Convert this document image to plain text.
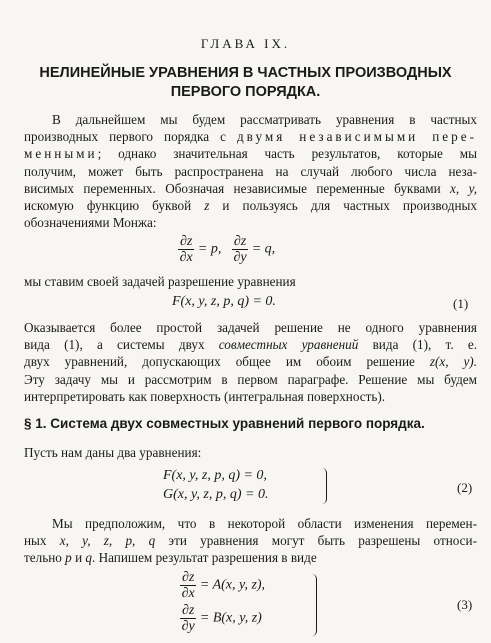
ГЛАВА IX.
НЕЛИНЕЙНЫЕ УРАВНЕНИЯ В ЧАСТНЫХ ПРОИЗВОДНЫХ
ПЕРВОГО ПОРЯДКА.
В дальнейшем мы будем рассматривать уравнения в частных
производных первого порядка с двумя независимыми пере-
менными; однако значительная часть результатов, которые мы
получим, может быть распространена на случай любого числа неза-
висимых переменных. Обозначая независимые переменные буквами x, y,
искомую функцию буквой z и пользуясь для частных производных
обозначениями Монжа:
$\frac{\partial z}{\partial x} = p$, $\frac{\partial z}{\partial y} = q$,
мы ставим своей задачей разрешение уравнения
F(x, y, z, p, q) = 0.	(1)
Оказывается более простой задачей решение не одного уравнения
вида (1), а системы двух совместных уравнений вида (1), т. е.
двух уравнений, допускающих общее им обоим решение z(x, y).
Эту задачу мы и рассмотрим в первом параграфе. Решение мы будем
интерпретировать как поверхность (интегральная поверхность).
§ 1. Система двух совместных уравнений первого порядка.
Пусть нам даны два уравнения:
F(x, y, z, p, q) = 0,
G(x, y, z, p, q) = 0.	(2)
Мы предположим, что в некоторой области изменения перемен-
ных x, y, z, p, q эти уравнения могут быть разрешены относи-
тельно p и q. Напишем результат разрешения в виде
$\frac{\partial z}{\partial x} = A(x$, y, z),
$\frac{\partial z}{\partial y} = B(x$, y, z)
(3)
